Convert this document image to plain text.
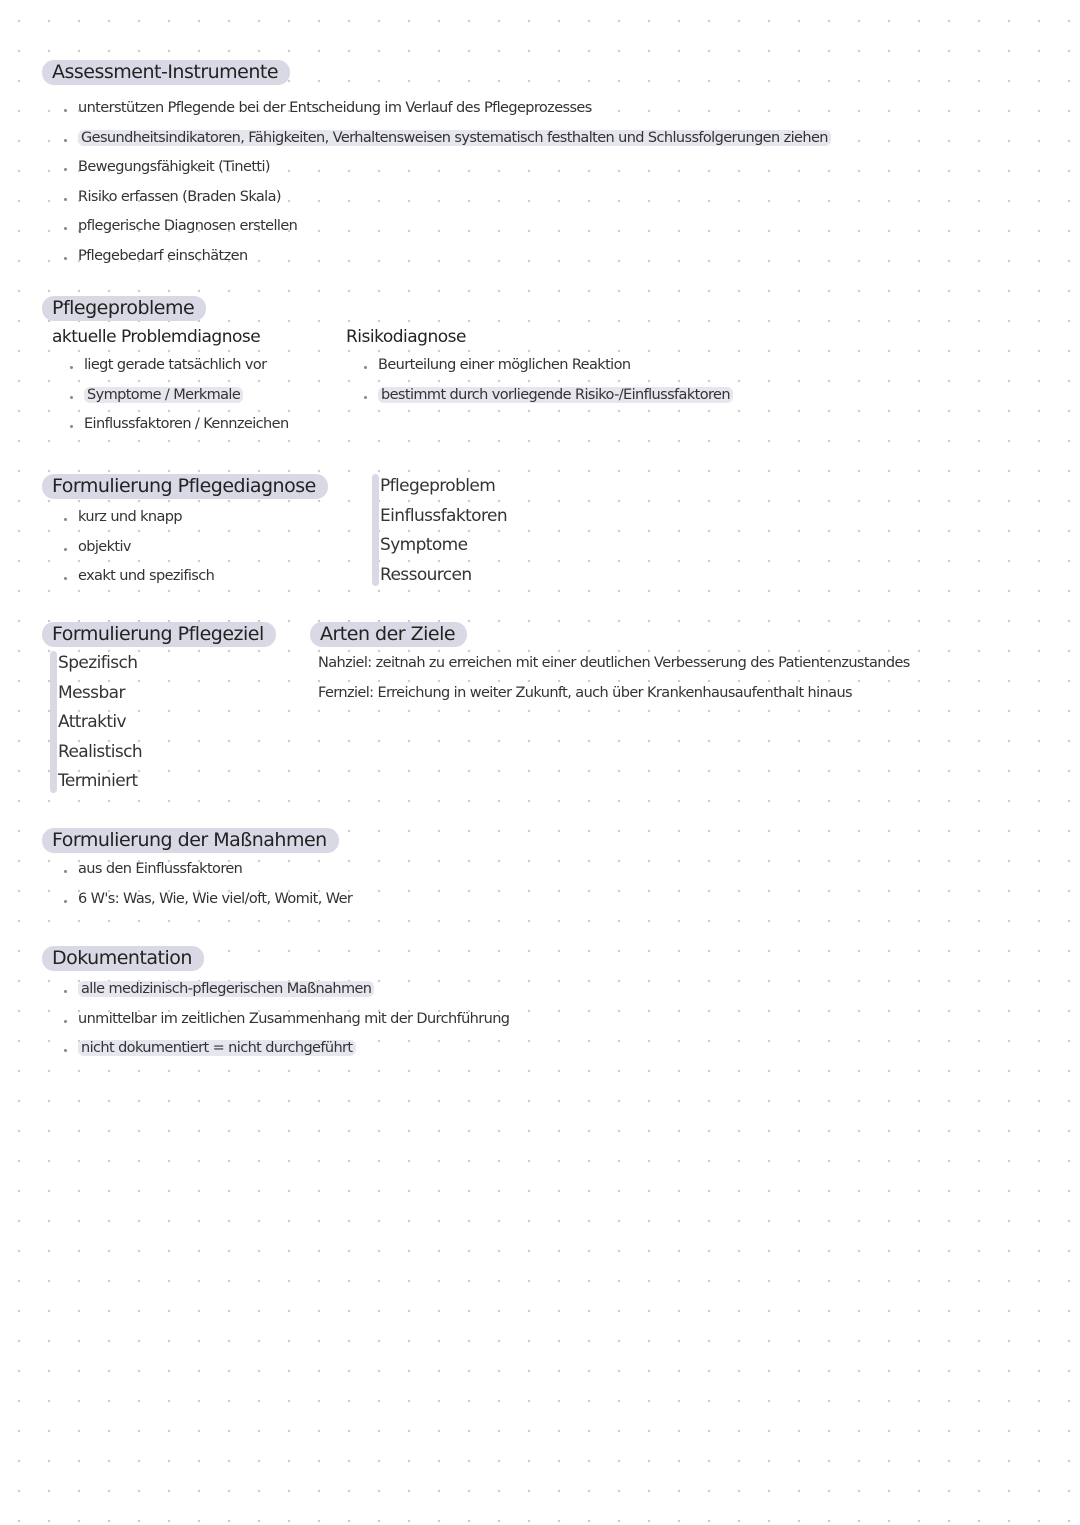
Assessment-Instrumente
unterstützen Pflegende bei der Entscheidung im Verlauf des Pflegeprozesses
Gesundheitsindikatoren, Fähigkeiten, Verhaltensweisen systematisch festhalten und Schlussfolgerungen ziehen
Bewegungsfähigkeit (Tinetti)
Risiko erfassen (Braden Skala)
pflegerische Diagnosen erstellen
Pflegebedarf einschätzen
Pflegeprobleme
aktuelle Problemdiagnose
liegt gerade tatsächlich vor
Symptome / Merkmale
Einflussfaktoren / Kennzeichen
Risikodiagnose
Beurteilung einer möglichen Reaktion
bestimmt durch vorliegende Risiko-/Einflussfaktoren
Formulierung Pflegediagnose
kurz und knapp
objektiv
exakt und spezifisch
Pflegeproblem
Einflussfaktoren
Symptome
Ressourcen
Formulierung Pflegeziel
Spezifisch
Messbar
Attraktiv
Realistisch
Terminiert
Arten der Ziele
Nahziel: zeitnah zu erreichen mit einer deutlichen Verbesserung des Patientenzustandes
Fernziel: Erreichung in weiter Zukunft, auch über Krankenhausaufenthalt hinaus
Formulierung der Maßnahmen
aus den Einflussfaktoren
6 W's: Was, Wie, Wie viel/oft, Womit, Wer
Dokumentation
alle medizinisch-pflegerischen Maßnahmen
unmittelbar im zeitlichen Zusammenhang mit der Durchführung
nicht dokumentiert = nicht durchgeführt
